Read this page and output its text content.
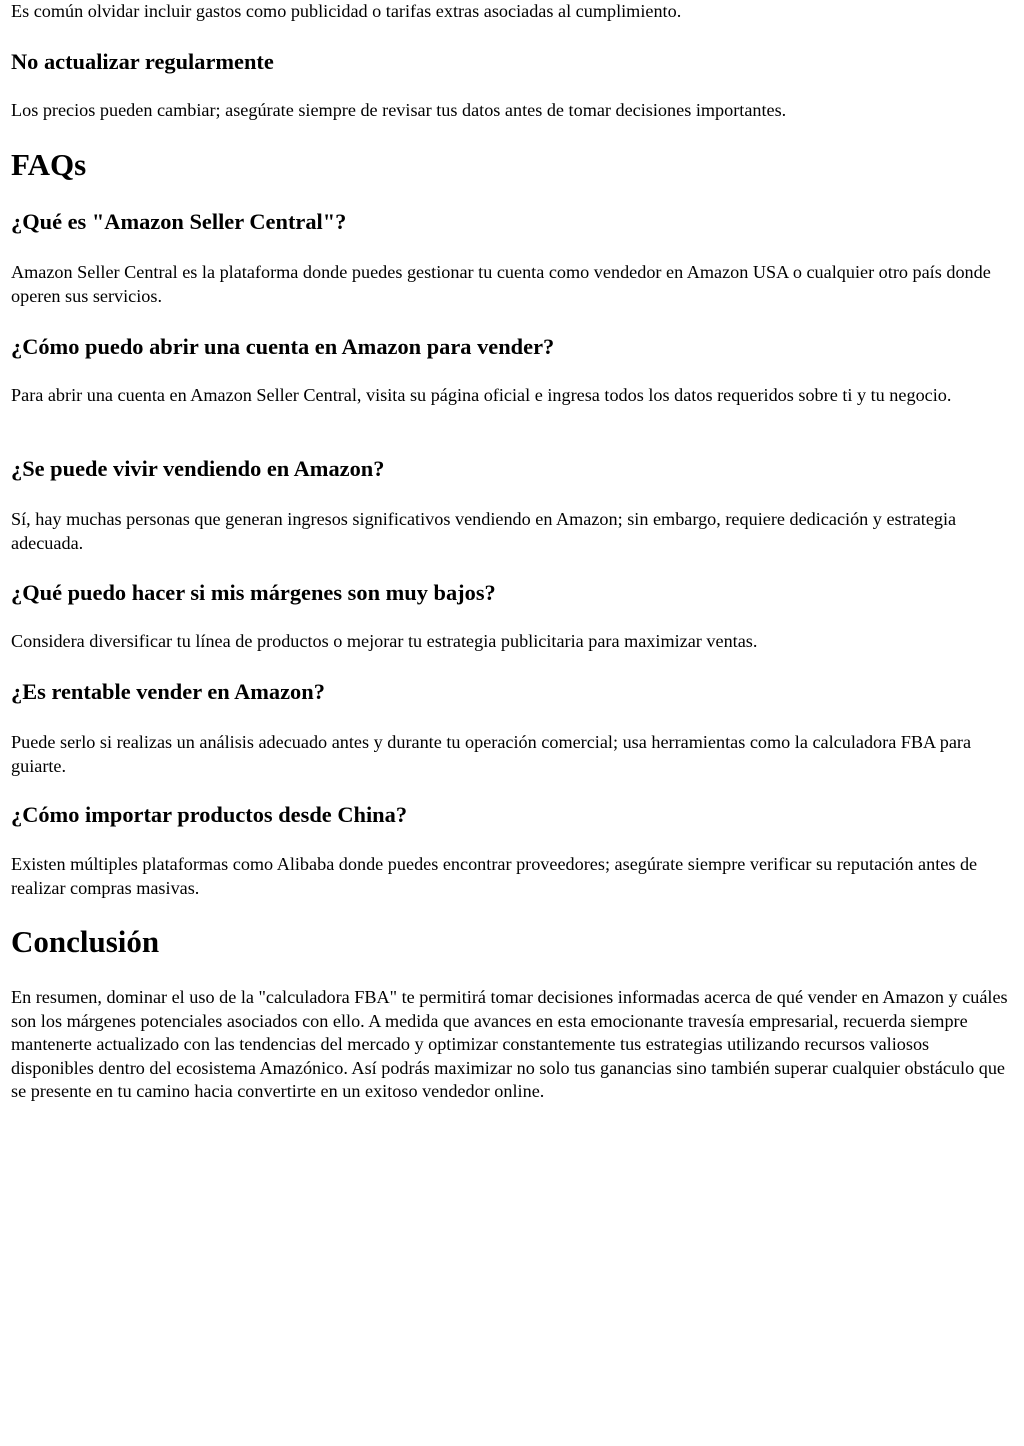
Es común olvidar incluir gastos como publicidad o tarifas extras asociadas al cumplimiento.

No actualizar regularmente

Los precios pueden cambiar; asegúrate siempre de revisar tus datos antes de tomar decisiones importantes.

FAQs
¿Qué es "Amazon Seller Central"?

Amazon Seller Central es la plataforma donde puedes gestionar tu cuenta como vendedor en Amazon USA o cualquier otro país donde operen sus servicios.

¿Cómo puedo abrir una cuenta en Amazon para vender?

Para abrir una cuenta en Amazon Seller Central, visita su página oficial e ingresa todos los datos requeridos sobre ti y tu negocio.

¿Se puede vivir vendiendo en Amazon?

Sí, hay muchas personas que generan ingresos significativos vendiendo en Amazon; sin embargo, requiere dedicación y estrategia adecuada.

¿Qué puedo hacer si mis márgenes son muy bajos?

Considera diversificar tu línea de productos o mejorar tu estrategia publicitaria para maximizar ventas.

¿Es rentable vender en Amazon?

Puede serlo si realizas un análisis adecuado antes y durante tu operación comercial; usa herramientas como la calculadora FBA para guiarte.

¿Cómo importar productos desde China?

Existen múltiples plataformas como Alibaba donde puedes encontrar proveedores; asegúrate siempre verificar su reputación antes de realizar compras masivas.

Conclusión

En resumen, dominar el uso de la "calculadora FBA" te permitirá tomar decisiones informadas acerca de qué vender en Amazon y cuáles son los márgenes potenciales asociados con ello. A medida que avances en esta emocionante travesía empresarial, recuerda siempre mantenerte actualizado con las tendencias del mercado y optimizar constantemente tus estrategias utilizando recursos valiosos disponibles dentro del ecosistema Amazónico. Así podrás maximizar no solo tus ganancias sino también superar cualquier obstáculo que se presente en tu camino hacia convertirte en un exitoso vendedor online.
